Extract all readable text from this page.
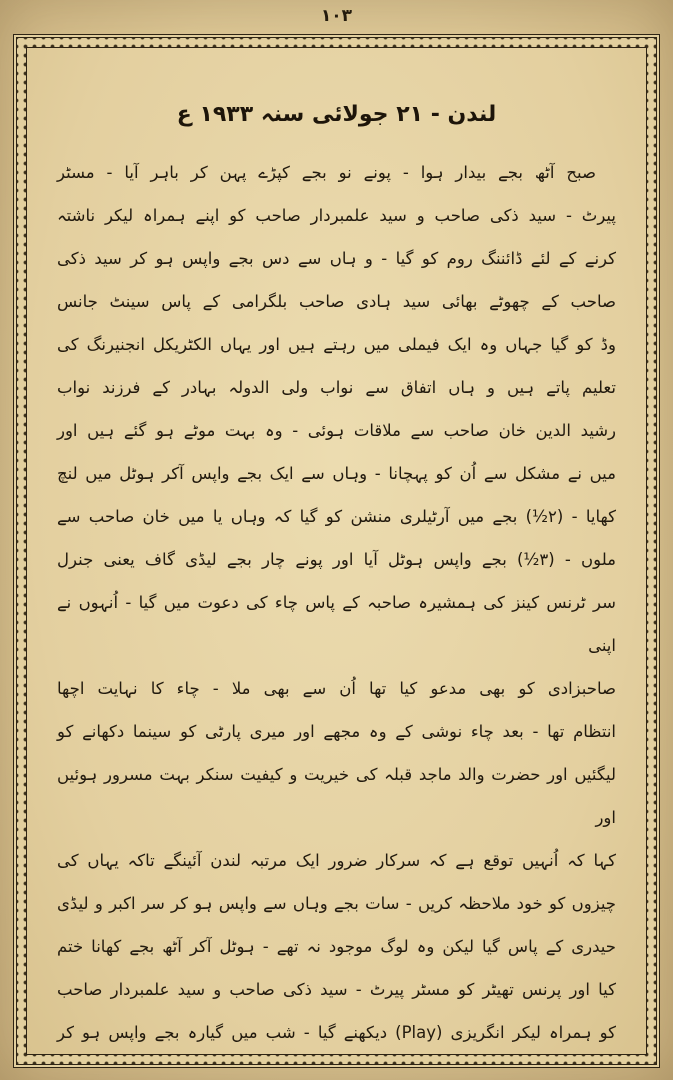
۱۰۳
لندن - ۲۱ جولائی سنہ ۱۹۳۳ ع
صبح آٹھ بجے بیدار ہوا - پونے نو بجے کپڑے پہن کر باہر آیا - مسٹر
پیرٹ - سید ذکی صاحب و سید علمبردار صاحب کو اپنے ہمراہ لیکر ناشتہ
کرنے کے لئے ڈائننگ روم کو گیا - و ہاں سے دس بجے واپس ہو کر سید ذکی
صاحب کے چھوٹے بھائی سید ہادی صاحب بلگرامی کے پاس سینٹ جانس
وڈ کو گیا جہاں وہ ایک فیملی میں رہتے ہیں اور یہاں الکٹریکل انجنیرنگ کی
تعلیم پاتے ہیں و ہاں اتفاق سے نواب ولی الدولہ بہادر کے فرزند نواب
رشید الدین خان صاحب سے ملاقات ہوئی - وہ بہت موٹے ہو گئے ہیں اور
میں نے مشکل سے اُن کو پہچانا - وہاں سے ایک بجے واپس آکر ہوٹل میں لنچ
کھایا - (۲½) بجے میں آرٹیلری منشن کو گیا کہ وہاں یا میں خان صاحب سے
ملوں - (۳½) بجے واپس ہوٹل آیا اور پونے چار بجے لیڈی گاف یعنی جنرل
سر ٹرنس کینز کی ہمشیرہ صاحبہ کے پاس چاء کی دعوت میں گیا - اُنہوں نے اپنی
صاحبزادی کو بھی مدعو کیا تھا اُن سے بھی ملا - چاء کا نہایت اچھا
انتظام تھا - بعد چاء نوشی کے وہ مجھے اور میری پارٹی کو سینما دکھانے کو
لیگئیں اور حضرت والد ماجد قبلہ کی خیریت و کیفیت سنکر بہت مسرور ہوئیں اور
کہا کہ اُنہیں توقع ہے کہ سرکار ضرور ایک مرتبہ لندن آئینگے تاکہ یہاں کی
چیزوں کو خود ملاحظہ کریں - سات بجے وہاں سے واپس ہو کر سر اکبر و لیڈی
حیدری کے پاس گیا لیکن وہ لوگ موجود نہ تھے - ہوٹل آکر آٹھ بجے کھانا ختم
کیا اور پرنس تھیٹر کو مسٹر پیرٹ - سید ذکی صاحب و سید علمبردار صاحب
کو ہمراہ لیکر انگریزی (Play) دیکھنے گیا - شب میں گیارہ بجے واپس ہو کر
